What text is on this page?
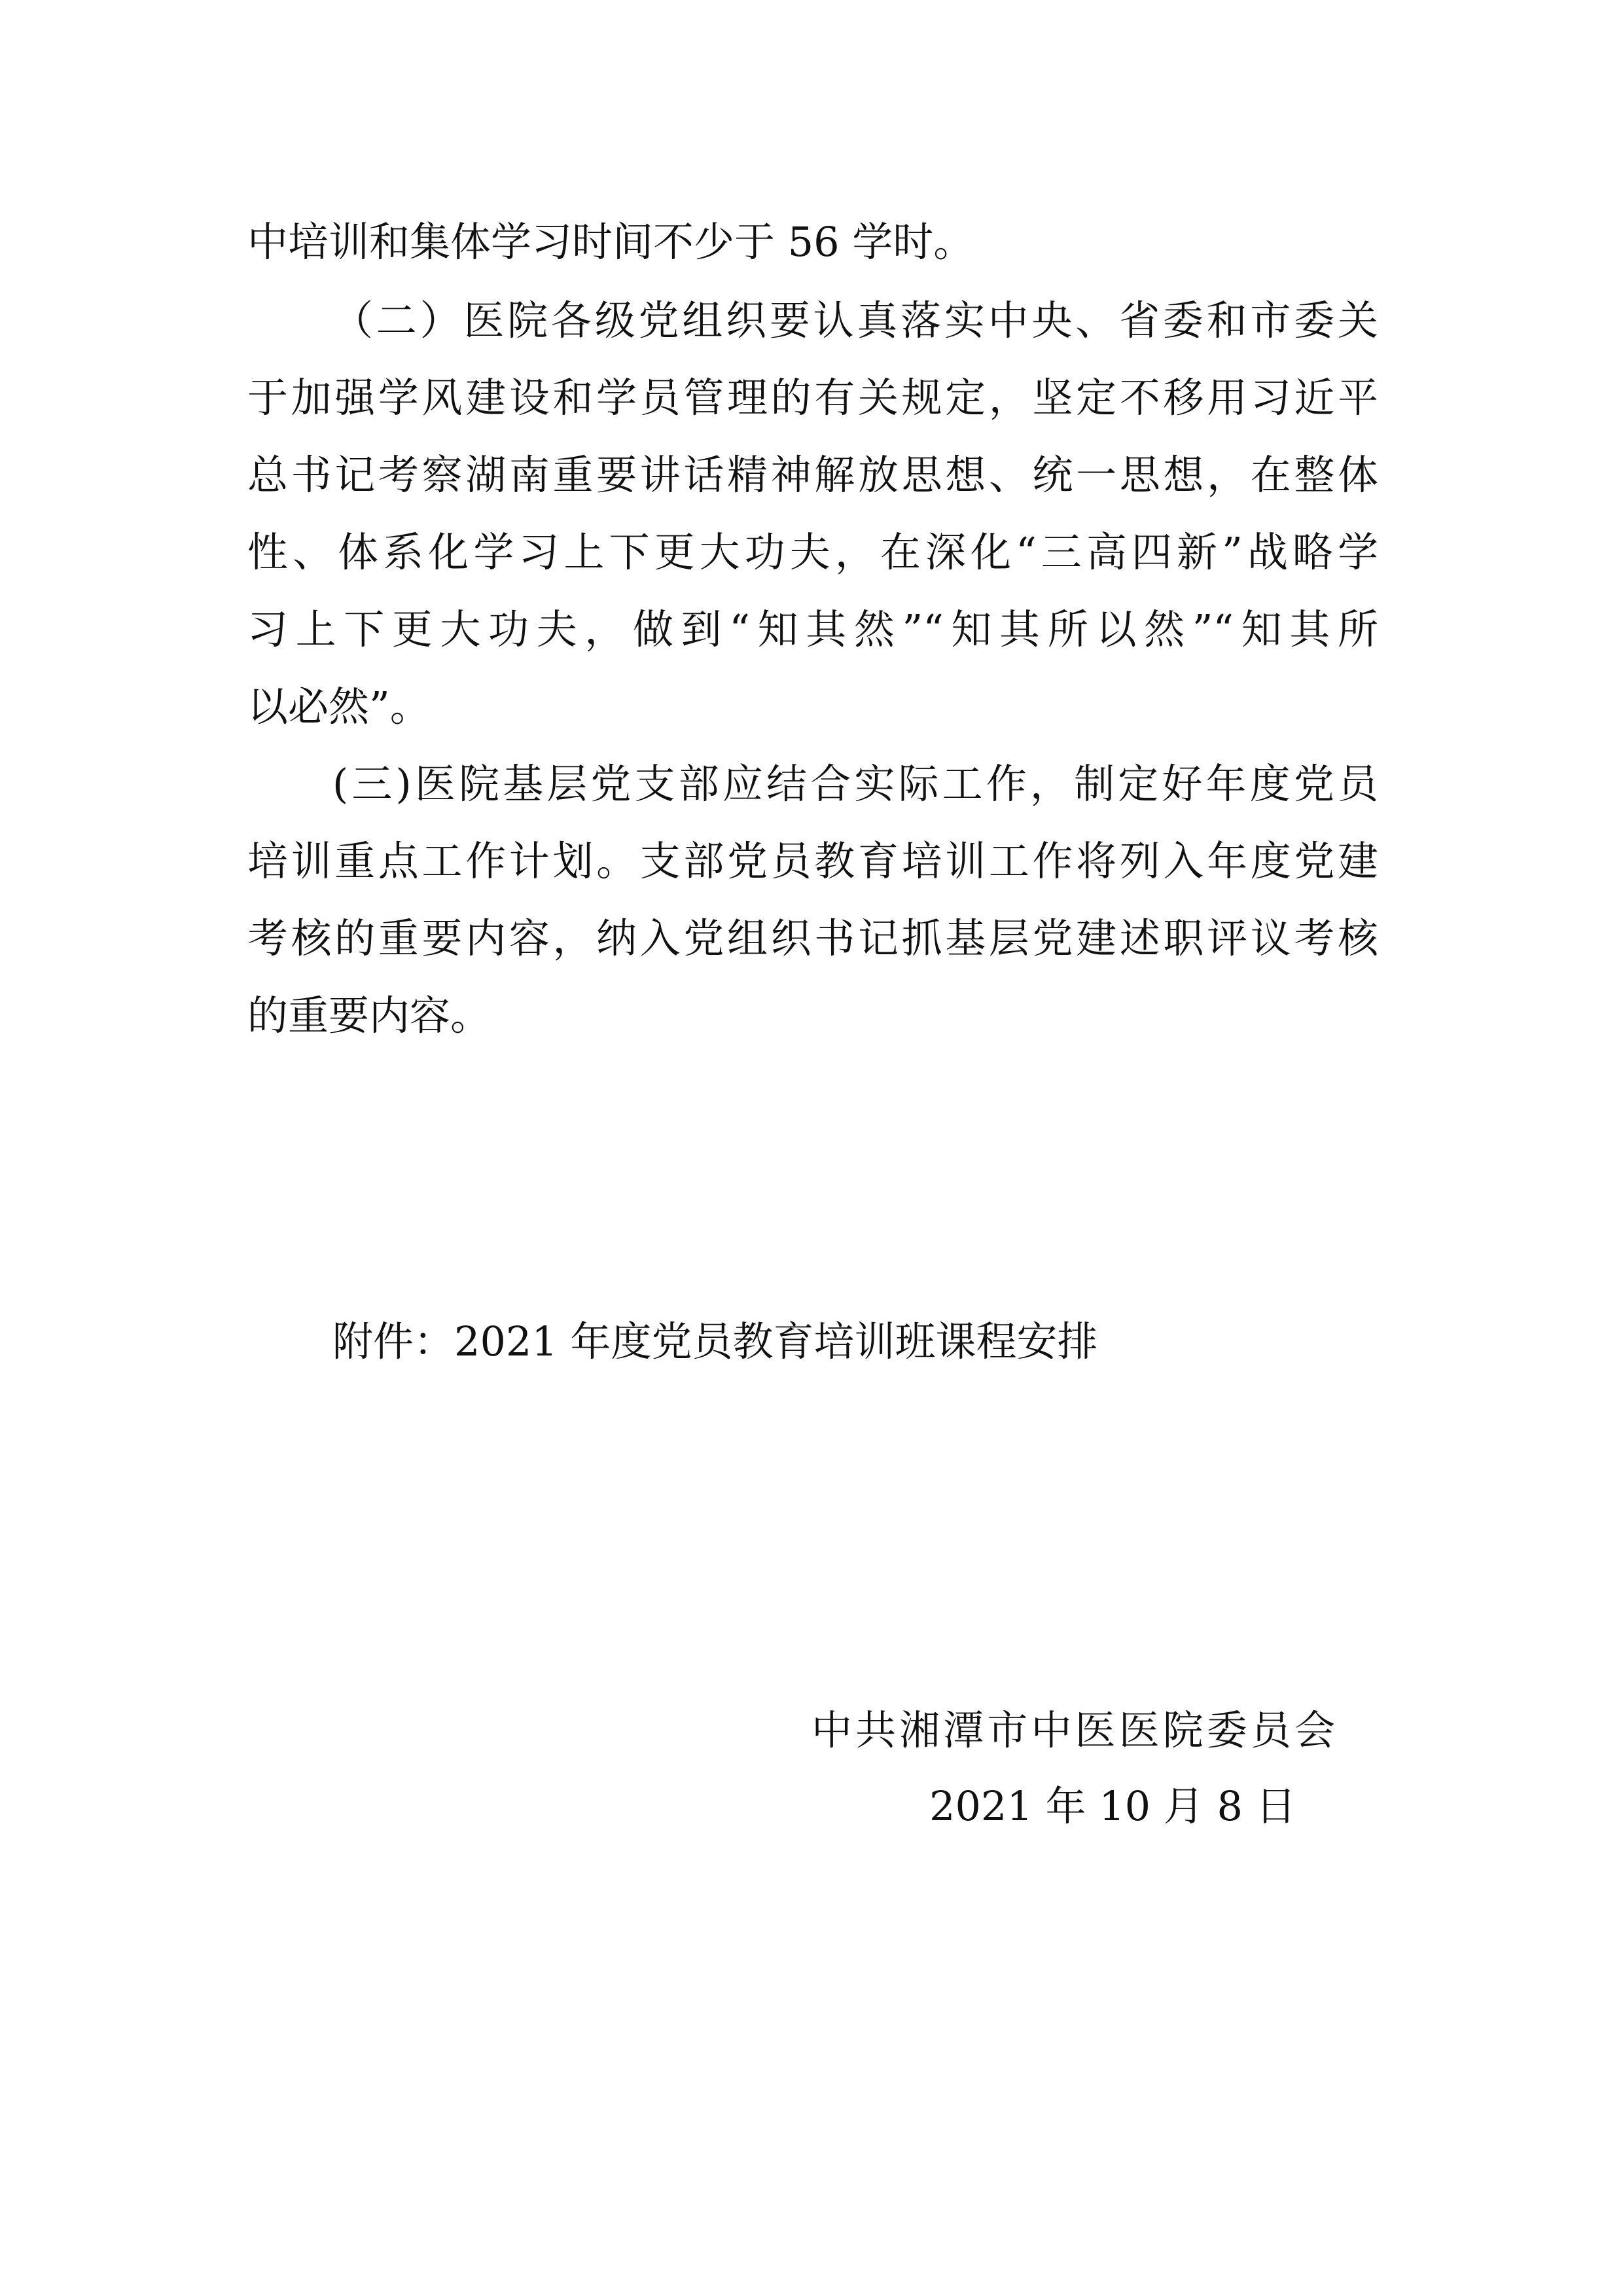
中培训和集体学习时间不少于 56 学时。

（二）医院各级党组织要认真落实中央、省委和市委关

于加强学风建设和学员管理的有关规定，坚定不移用习近平

总书记考察湖南重要讲话精神解放思想、统一思想，在整体

性、体系化学习上下更大功夫，在深化“三高四新”战略学

习上下更大功夫，做到“知其然”“知其所以然”“知其所

以必然”。

(三)医院基层党支部应结合实际工作，制定好年度党员

培训重点工作计划。支部党员教育培训工作将列入年度党建

考核的重要内容，纳入党组织书记抓基层党建述职评议考核

的重要内容。

附件：2021 年度党员教育培训班课程安排

中共湘潭市中医医院委员会

2021 年 10 月 8 日
